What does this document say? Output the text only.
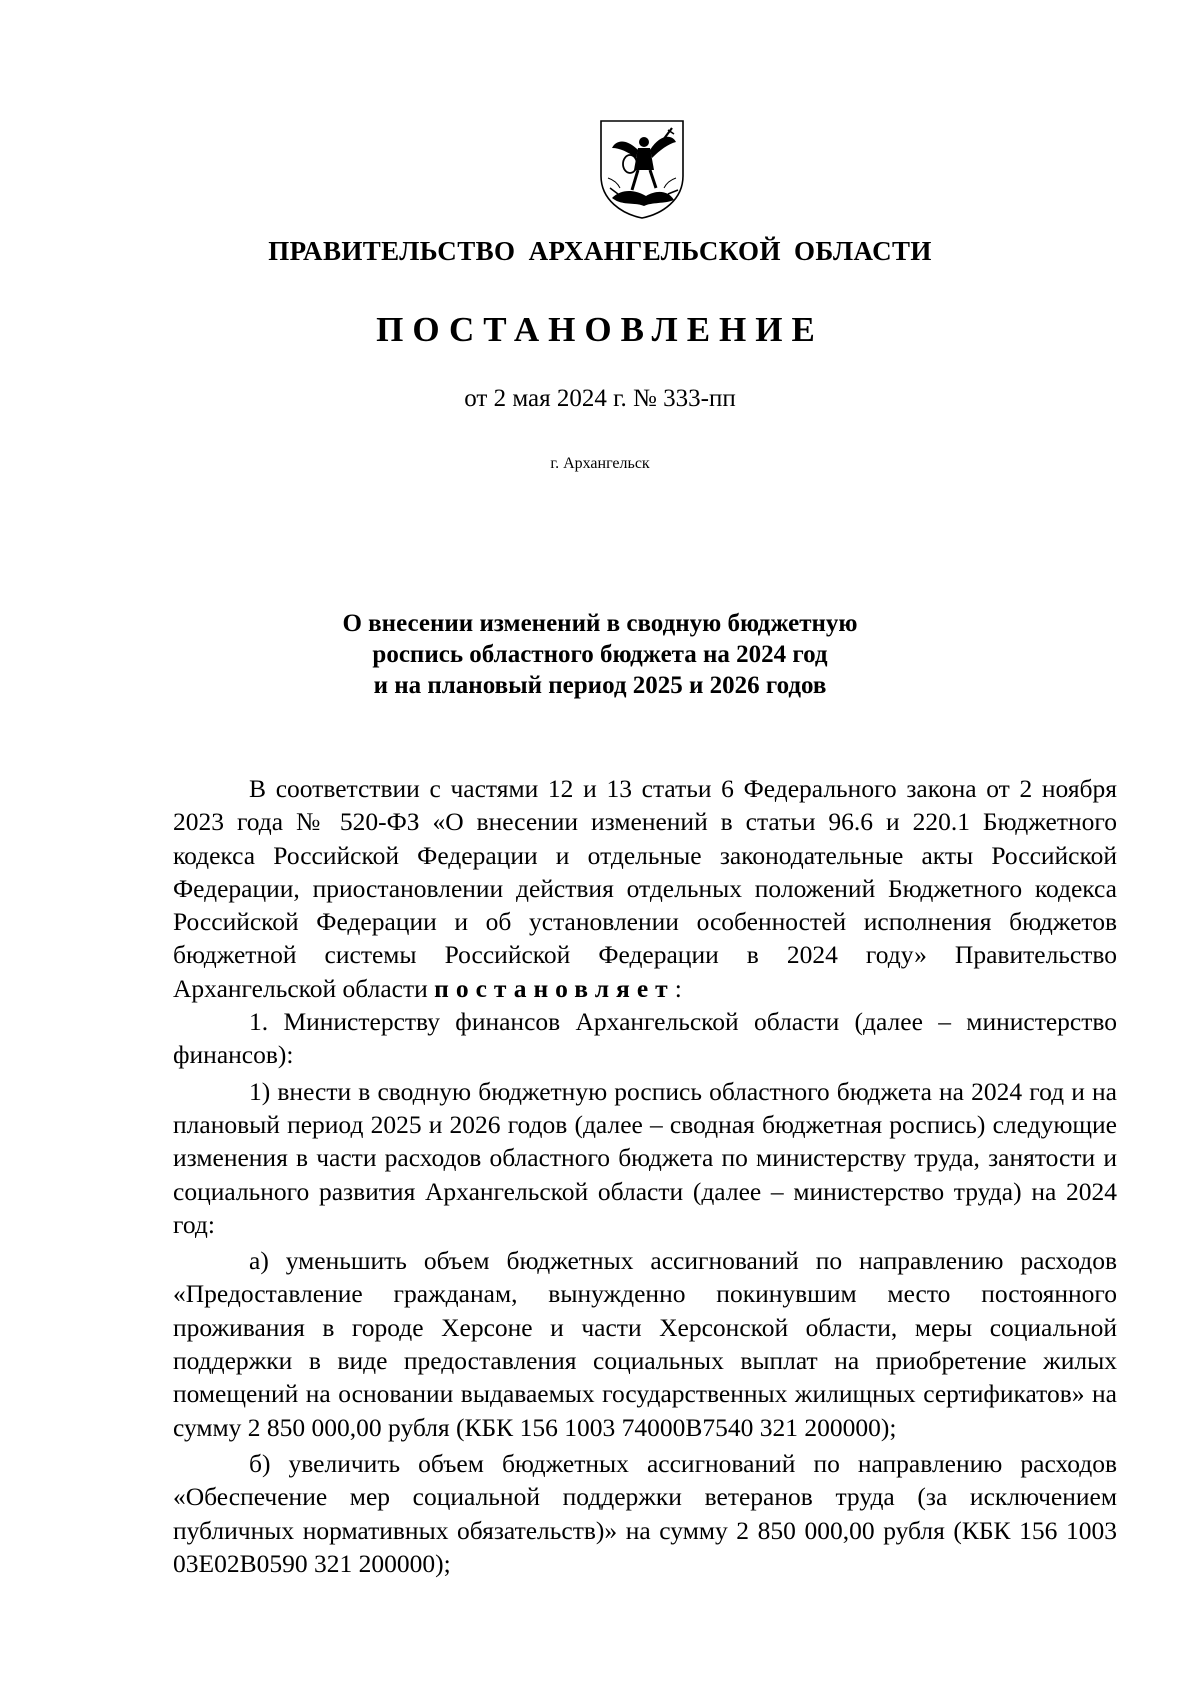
ПРАВИТЕЛЬСТВО АРХАНГЕЛЬСКОЙ ОБЛАСТИ
ПОСТАНОВЛЕНИЕ
от 2 мая 2024 г. № 333-пп
г. Архангельск
О внесении изменений в сводную бюджетную
роспись областного бюджета на 2024 год
и на плановый период 2025 и 2026 годов

В соответствии с частями 12 и 13 статьи 6 Федерального закона от 2 ноября 2023 года № 520-ФЗ «О внесении изменений в статьи 96.6 и 220.1 Бюджетного кодекса Российской Федерации и отдельные законодательные акты Российской Федерации, приостановлении действия отдельных положений Бюджетного кодекса Российской Федерации и об установлении особенностей исполнения бюджетов бюджетной системы Российской Федерации в 2024 году» Правительство Архангельской области постановляет:

1. Министерству финансов Архангельской области (далее – министерство финансов):

1) внести в сводную бюджетную роспись областного бюджета на 2024 год и на плановый период 2025 и 2026 годов (далее – сводная бюджетная роспись) следующие изменения в части расходов областного бюджета по министерству труда, занятости и социального развития Архангельской области (далее – министерство труда) на 2024 год:

а) уменьшить объем бюджетных ассигнований по направлению расходов «Предоставление гражданам, вынужденно покинувшим место постоянного проживания в городе Херсоне и части Херсонской области, меры социальной поддержки в виде предоставления социальных выплат на приобретение жилых помещений на основании выдаваемых государственных жилищных сертификатов» на сумму 2 850 000,00 рубля (КБК 156 1003 74000В7540 321 200000);

б) увеличить объем бюджетных ассигнований по направлению расходов «Обеспечение мер социальной поддержки ветеранов труда (за исключением публичных нормативных обязательств)» на сумму 2 850 000,00 рубля (КБК 156 1003 03Е02В0590 321 200000);
